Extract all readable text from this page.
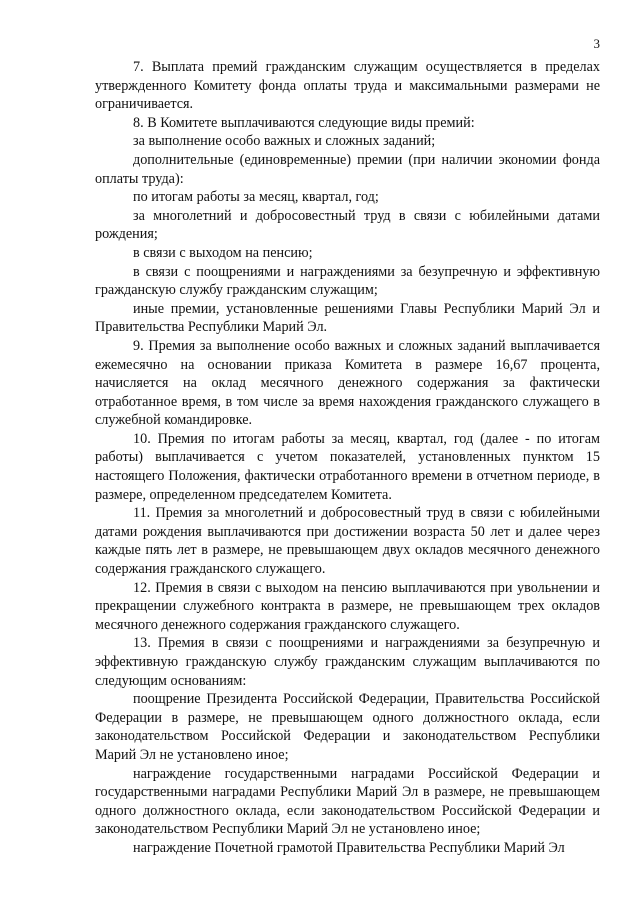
3

7. Выплата премий гражданским служащим осуществляется в пределах утвержденного Комитету фонда оплаты труда и максимальными размерами не ограничивается.

8. В Комитете выплачиваются следующие виды премий:

за выполнение особо важных и сложных заданий;

дополнительные (единовременные) премии (при наличии экономии фонда оплаты труда):

по итогам работы за месяц, квартал, год;

за многолетний и добросовестный труд в связи с юбилейными датами рождения;

в связи с выходом на пенсию;

в связи с поощрениями и награждениями за безупречную и эффективную гражданскую службу гражданским служащим;

иные премии, установленные решениями Главы Республики Марий Эл и Правительства Республики Марий Эл.

9. Премия за выполнение особо важных и сложных заданий выплачивается ежемесячно на основании приказа Комитета в размере 16,67 процента, начисляется на оклад месячного денежного содержания за фактически отработанное время, в том числе за время нахождения гражданского служащего в служебной командировке.

10. Премия по итогам работы за месяц, квартал, год (далее - по итогам работы) выплачивается с учетом показателей, установленных пунктом 15 настоящего Положения, фактически отработанного времени в отчетном периоде, в размере, определенном председателем Комитета.

11. Премия за многолетний и добросовестный труд в связи с юбилейными датами рождения выплачиваются при достижении возраста 50 лет и далее через каждые пять лет в размере, не превышающем двух окладов месячного денежного содержания гражданского служащего.

12. Премия в связи с выходом на пенсию выплачиваются при увольнении и прекращении служебного контракта в размере, не превышающем трех окладов месячного денежного содержания гражданского служащего.

13. Премия в связи с поощрениями и награждениями за безупречную и эффективную гражданскую службу гражданским служащим выплачиваются по следующим основаниям:

поощрение Президента Российской Федерации, Правительства Российской Федерации в размере, не превышающем одного должностного оклада, если законодательством Российской Федерации и законодательством Республики Марий Эл не установлено иное;

награждение государственными наградами Российской Федерации и государственными наградами Республики Марий Эл в размере, не превышающем одного должностного оклада, если законодательством Российской Федерации и законодательством Республики Марий Эл не установлено иное;

награждение Почетной грамотой Правительства Республики Марий Эл
